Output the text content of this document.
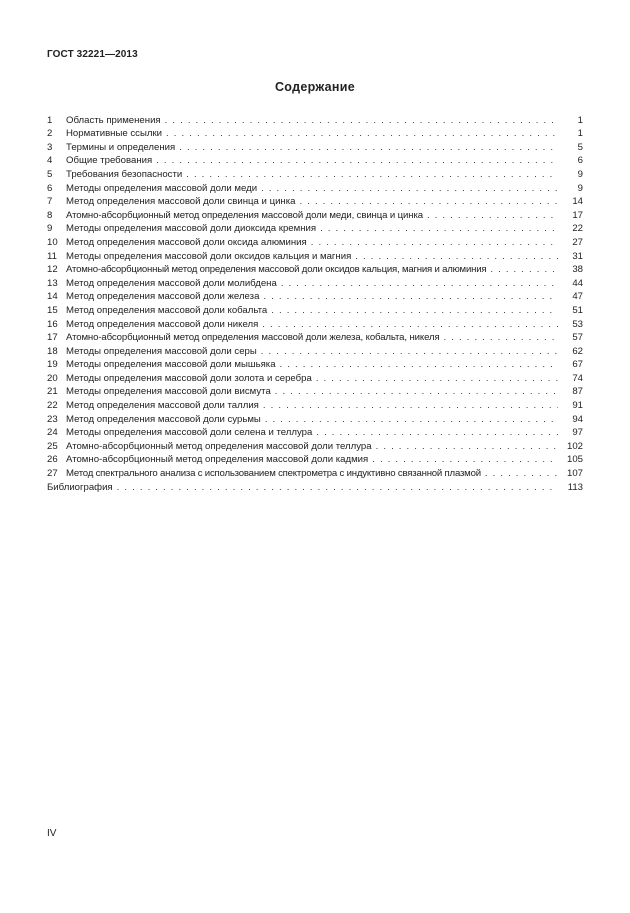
ГОСТ 32221—2013
Содержание
1	Область применения . . .	1
2	Нормативные ссылки . . .	1
3	Термины и определения . . .	5
4	Общие требования . . .	6
5	Требования безопасности . . .	9
6	Методы определения массовой доли меди . . .	9
7	Метод определения массовой доли свинца и цинка . . .	14
8	Атомно-абсорбционный метод определения массовой доли меди, свинца и цинка . . .	17
9	Методы определения массовой доли диоксида кремния . . .	22
10 Метод определения массовой доли оксида алюминия . . .	27
11 Методы определения массовой доли оксидов кальция и магния . . .	31
12 Атомно-абсорбционный метод определения массовой доли оксидов кальция, магния и алюминия . . .	38
13 Метод определения массовой доли молибдена . . .	44
14 Метод определения массовой доли железа . . .	47
15 Метод определения массовой доли кобальта . . .	51
16 Метод определения массовой доли никеля . . .	53
17 Атомно-абсорбционный метод определения массовой доли железа, кобальта, никеля . . .	57
18 Методы определения массовой доли серы . . .	62
19 Методы определения массовой доли мышьяка . . .	67
20 Методы определения массовой доли золота и серебра . . .	74
21 Методы определения массовой доли висмута . . .	87
22 Метод определения массовой доли таллия . . .	91
23 Метод определения массовой доли сурьмы . . .	94
24 Методы определения массовой доли селена и теллура . . .	97
25 Атомно-абсорбционный метод определения массовой доли теллура . . .	102
26 Атомно-абсорбционный метод определения массовой доли кадмия . . .	105
27 Метод спектрального анализа с использованием спектрометра с индуктивно связанной плазмой . . .	107
Библиография . . .	113
IV
